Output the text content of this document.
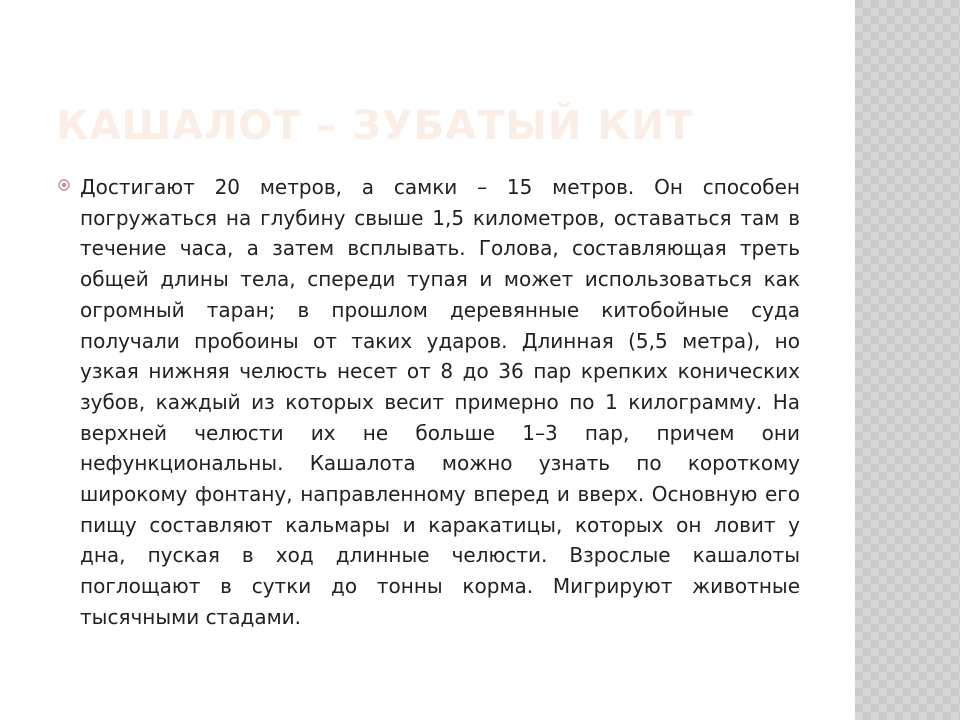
КАШАЛОТ – ЗУБАТЫЙ КИТ

Достигают 20 метров, а самки – 15 метров. Он способен погружаться на глубину свыше 1,5 километров, оставаться там в течение часа, а затем всплывать. Голова, составляющая треть общей длины тела, спереди тупая и может использоваться как огромный таран; в прошлом деревянные китобойные суда получали пробоины от таких ударов. Длинная (5,5 метра), но узкая нижняя челюсть несет от 8 до 36 пар крепких конических зубов, каждый из которых весит примерно по 1 килограмму. На верхней челюсти их не больше 1–3 пар, причем они нефункциональны. Кашалота можно узнать по короткому широкому фонтану, направленному вперед и вверх. Основную его пищу составляют кальмары и каракатицы, которых он ловит у дна, пуская в ход длинные челюсти. Взрослые кашалоты поглощают в сутки до тонны корма. Мигрируют животные тысячными стадами.
